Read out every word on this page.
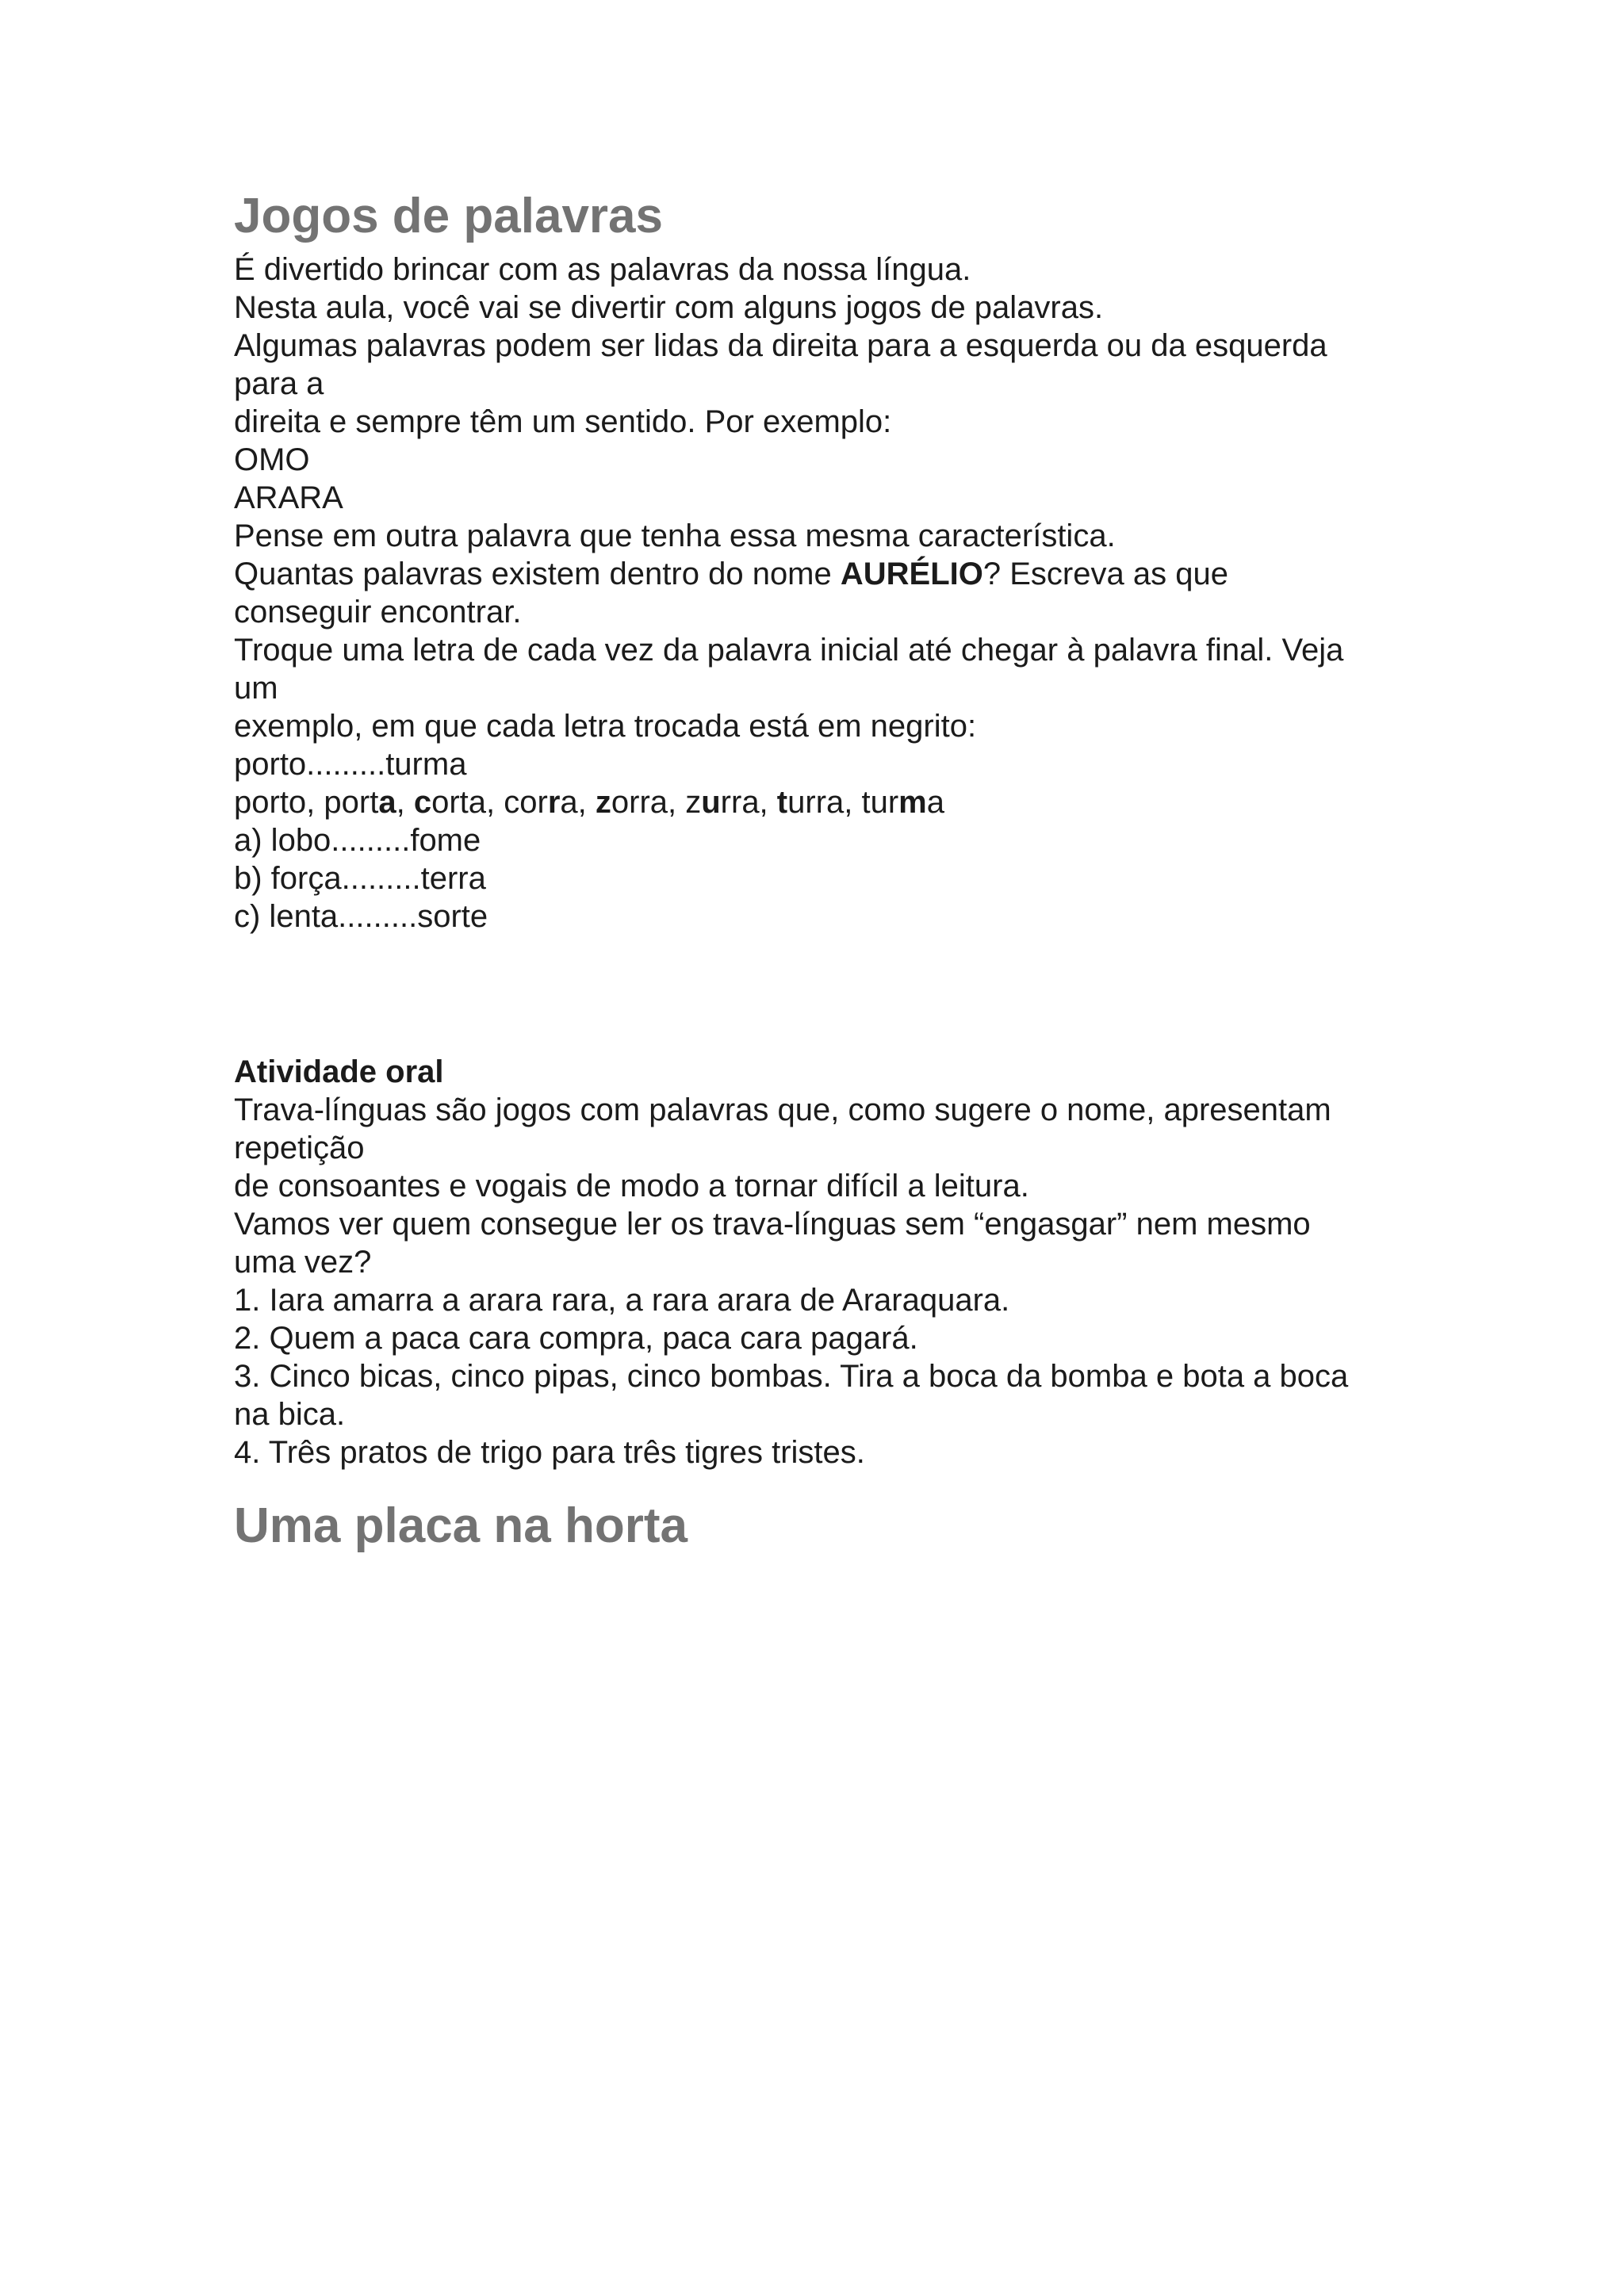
Jogos de palavras
É divertido brincar com as palavras da nossa língua.
Nesta aula, você vai se divertir com alguns jogos de palavras.
Algumas palavras podem ser lidas da direita para a esquerda ou da esquerda
para a
direita e sempre têm um sentido. Por exemplo:
OMO
ARARA
Pense em outra palavra que tenha essa mesma característica.
Quantas palavras existem dentro do nome AURÉLIO? Escreva as que
conseguir encontrar.
Troque uma letra de cada vez da palavra inicial até chegar à palavra final. Veja
um
exemplo, em que cada letra trocada está em negrito:
porto.........turma
porto, porta, corta, corra, zorra, zurra, turra, turma
a) lobo.........fome
b) força.........terra
c) lenta.........sorte
Atividade oral
Trava-línguas são jogos com palavras que, como sugere o nome, apresentam
repetição
de consoantes e vogais de modo a tornar difícil a leitura.
Vamos ver quem consegue ler os trava-línguas sem “engasgar” nem mesmo
uma vez?
1. Iara amarra a arara rara, a rara arara de Araraquara.
2. Quem a paca cara compra, paca cara pagará.
3. Cinco bicas, cinco pipas, cinco bombas. Tira a boca da bomba e bota a boca
na bica.
4. Três pratos de trigo para três tigres tristes.
Uma placa na horta
